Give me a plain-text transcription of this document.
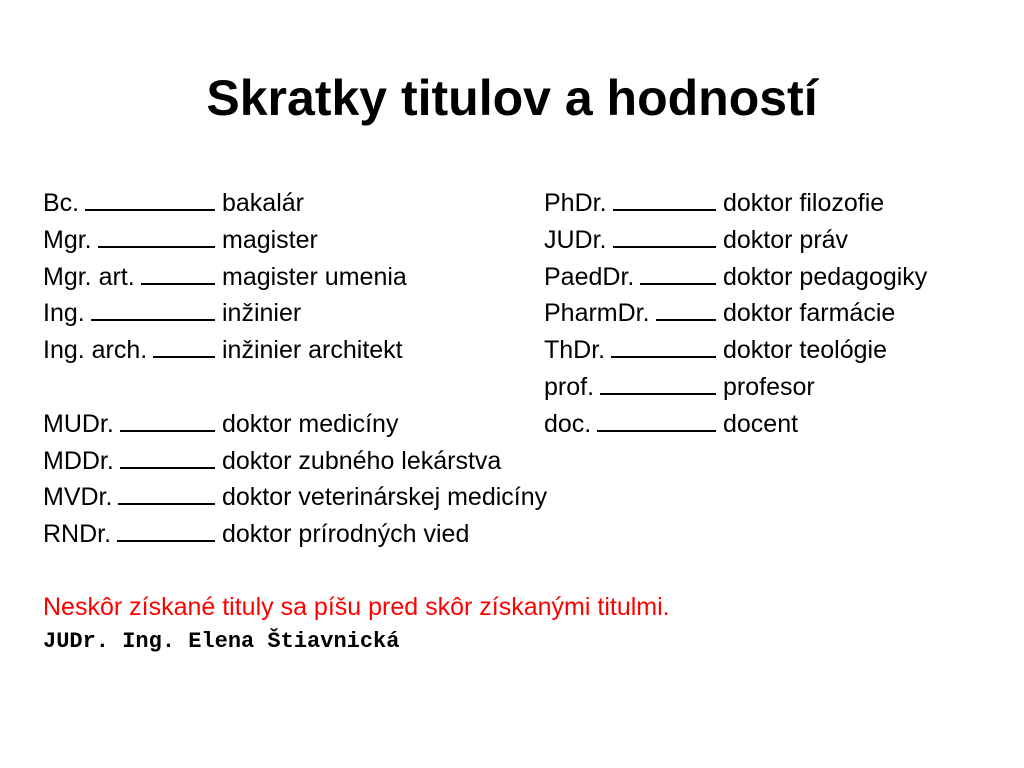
Skratky titulov a hodností
Bc.	bakalár
Mgr.	magister
Mgr. art.	magister umenia
Ing.	inžinier
Ing. arch.	inžinier architekt
MUDr.	doktor medicíny
MDDr.	doktor zubného lekárstva
MVDr.	doktor veterinárskej medicíny
RNDr.	doktor prírodných vied
PhDr.	doktor filozofie
JUDr.	doktor práv
PaedDr.	doktor pedagogiky
PharmDr.	doktor farmácie
ThDr.	doktor teológie
prof.	profesor
doc.	docent
Neskôr získané tituly sa píšu pred skôr získanými titulmi.
JUDr. Ing. Elena Štiavnická
